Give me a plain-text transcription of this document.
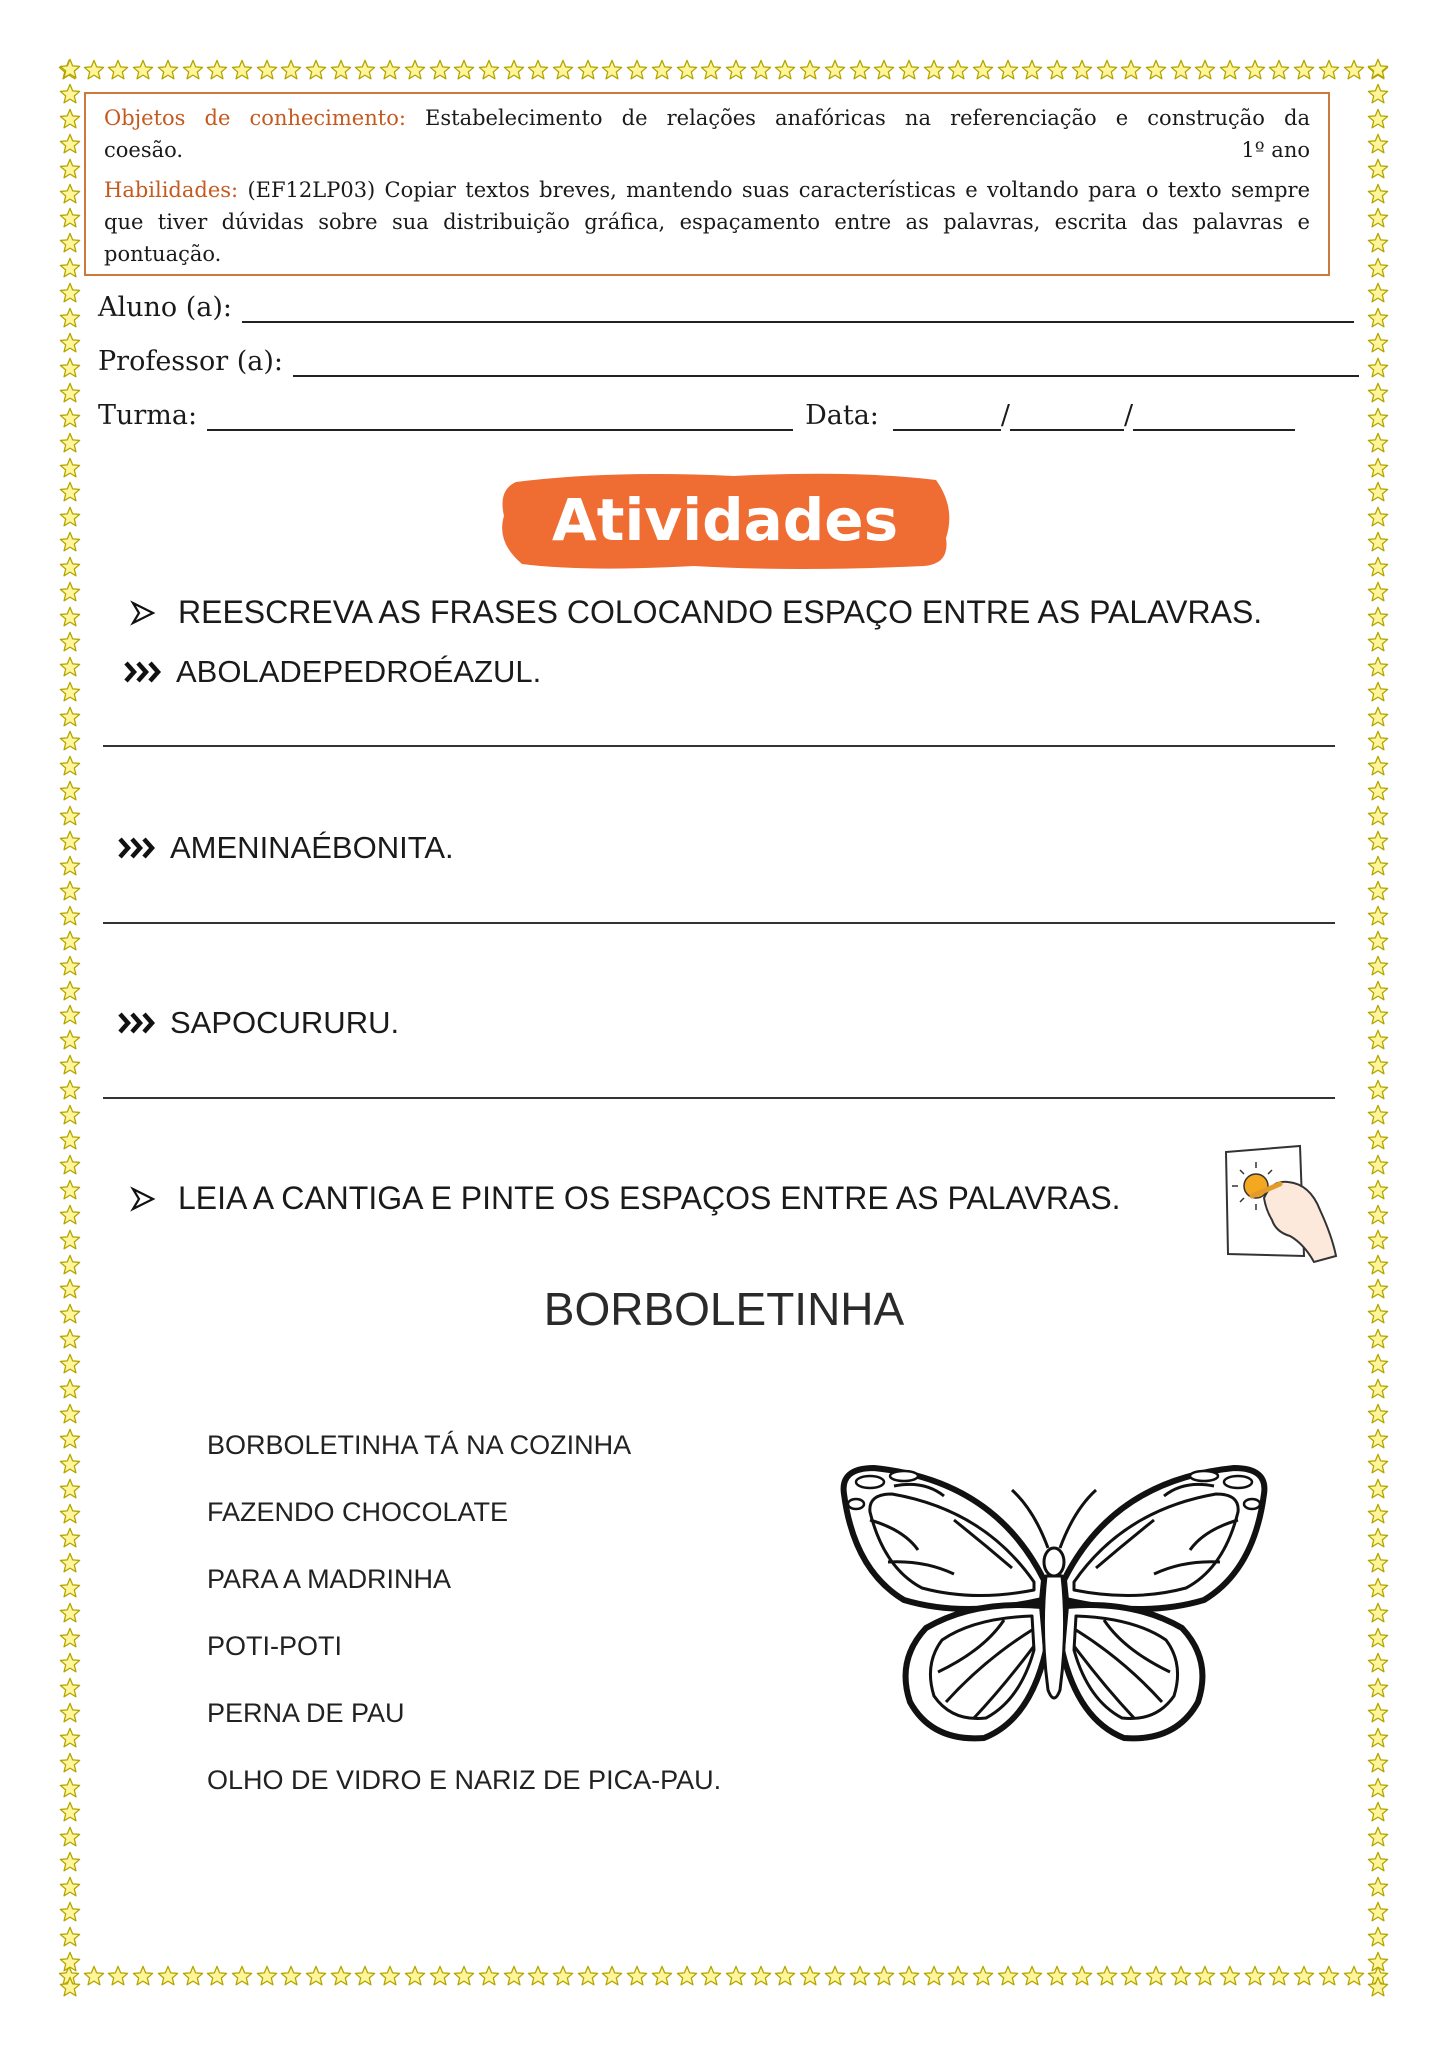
Objetos de conhecimento: Estabelecimento de relações anafóricas na referenciação e construção da
coesão.	1º ano
Habilidades: (EF12LP03) Copiar textos breves, mantendo suas características e voltando para o texto sempre que tiver dúvidas sobre sua distribuição gráfica, espaçamento entre as palavras, escrita das palavras e pontuação.
Aluno (a):
Professor (a):
Turma:	Data:	/	/
Atividades
REESCREVA AS FRASES COLOCANDO ESPAÇO ENTRE AS PALAVRAS.
ABOLADEPEDROÉAZUL.
AMENINAÉBONITA.
SAPOCURURU.
LEIA A CANTIGA E PINTE OS ESPAÇOS ENTRE AS PALAVRAS.
BORBOLETINHA
BORBOLETINHA TÁ NA COZINHA
FAZENDO CHOCOLATE
PARA A MADRINHA
POTI-POTI
PERNA DE PAU
OLHO DE VIDRO E NARIZ DE PICA-PAU.
